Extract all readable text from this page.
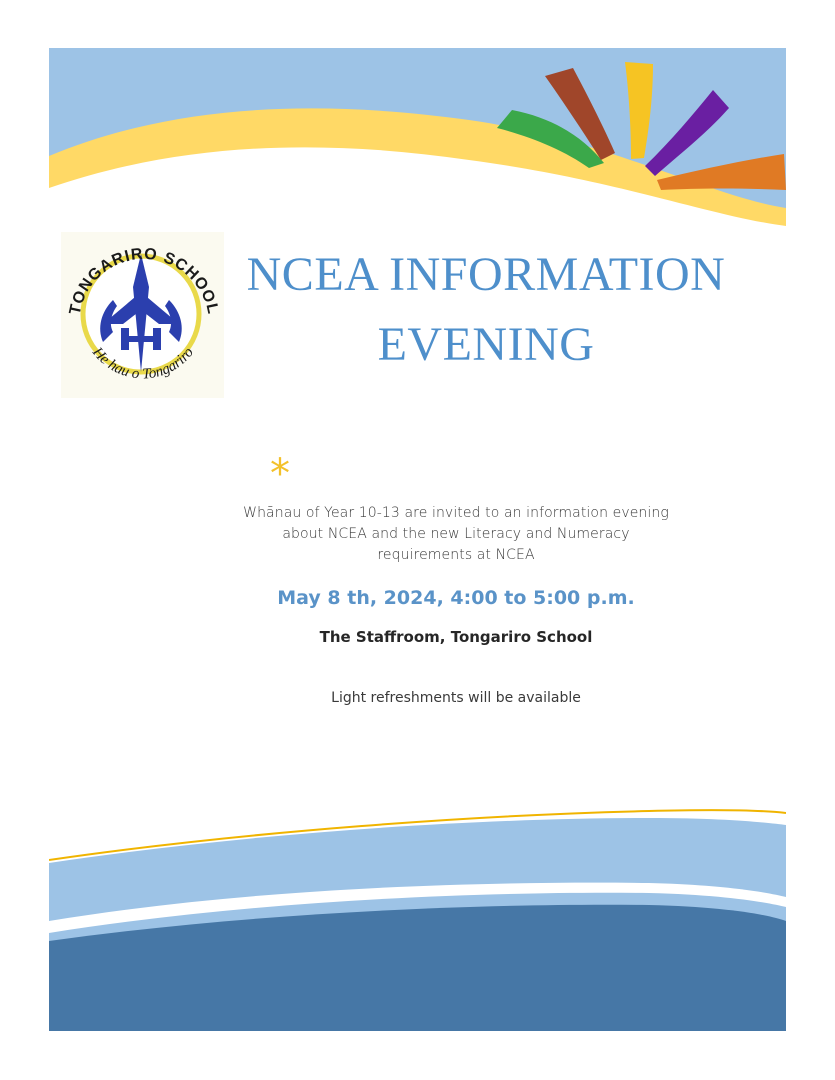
TONGARIRO SCHOOL
He hau o Tongariro
NCEA INFORMATION
EVENING
*

Whānau of Year 10-13 are invited to an information evening
about NCEA and the new Literacy and Numeracy
requirements at NCEA

May 8 th, 2024, 4:00 to 5:00 p.m.

The Staffroom, Tongariro School

Light refreshments will be available
